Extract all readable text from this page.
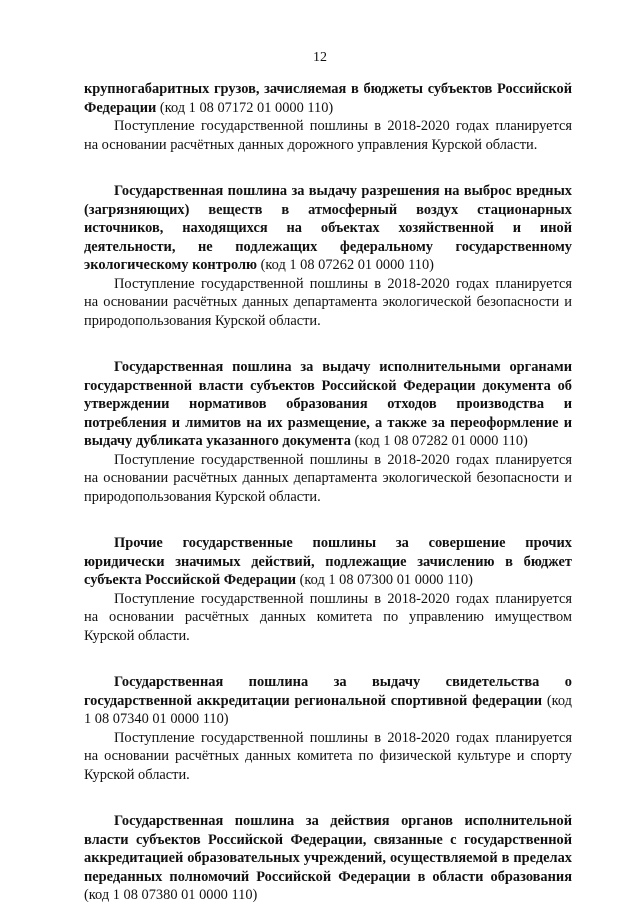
12

крупногабаритных грузов, зачисляемая в бюджеты субъектов Российской Федерации (код 1 08 07172 01 0000 110)

Поступление государственной пошлины в 2018-2020 годах планируется на основании расчётных данных дорожного управления Курской области.

Государственная пошлина за выдачу разрешения на выброс вредных (загрязняющих) веществ в атмосферный воздух стационарных источников, находящихся на объектах хозяйственной и иной деятельности, не подлежащих федеральному государственному экологическому контролю (код 1 08 07262 01 0000 110)

Поступление государственной пошлины в 2018-2020 годах планируется на основании расчётных данных департамента экологической безопасности и природопользования Курской области.

Государственная пошлина за выдачу исполнительными органами государственной власти субъектов Российской Федерации документа об утверждении нормативов образования отходов производства и потребления и лимитов на их размещение, а также за переоформление и выдачу дубликата указанного документа (код 1 08 07282 01 0000 110)

Поступление государственной пошлины в 2018-2020 годах планируется на основании расчётных данных департамента экологической безопасности и природопользования Курской области.

Прочие государственные пошлины за совершение прочих юридически значимых действий, подлежащие зачислению в бюджет субъекта Российской Федерации (код 1 08 07300 01 0000 110)

Поступление государственной пошлины в 2018-2020 годах планируется на основании расчётных данных комитета по управлению имуществом Курской области.

Государственная пошлина за выдачу свидетельства о государственной аккредитации региональной спортивной федерации (код 1 08 07340 01 0000 110)

Поступление государственной пошлины в 2018-2020 годах планируется на основании расчётных данных комитета по физической культуре и спорту Курской области.

Государственная пошлина за действия органов исполнительной власти субъектов Российской Федерации, связанные с государственной аккредитацией образовательных учреждений, осуществляемой в пределах переданных полномочий Российской Федерации в области образования (код 1 08 07380 01 0000 110)
